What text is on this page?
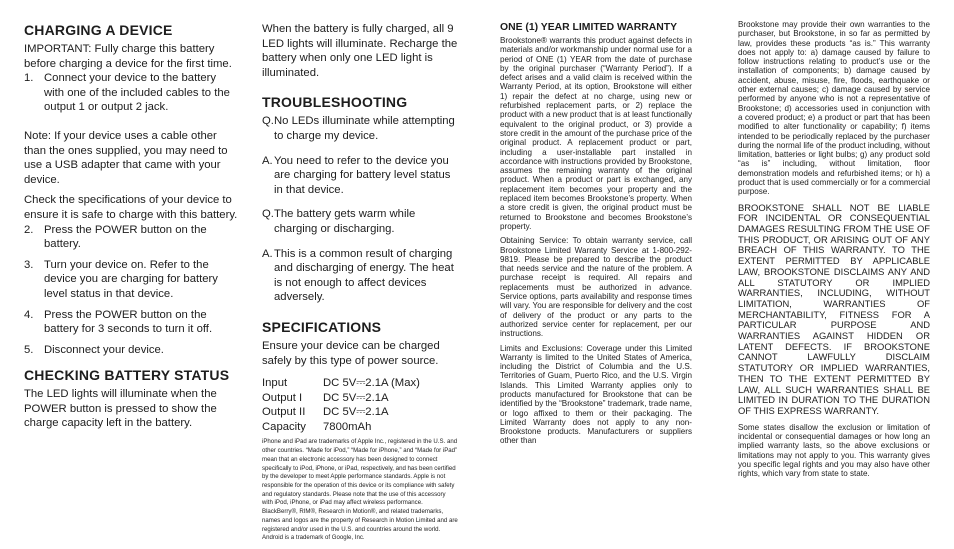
CHARGING A DEVICE

IMPORTANT: Fully charge this battery before charging a device for the first time.

1. Connect your device to the battery with one of the included cables to the output 1 or output 2 jack.

Note: If your device uses a cable other than the ones supplied, you may need to use a USB adapter that came with your device.

Check the specifications of your device to ensure it is safe to charge with this battery.

2. Press the POWER button on the battery.
3. Turn your device on. Refer to the device you are charging for battery level status in that device.
4. Press the POWER button on the battery for 3 seconds to turn it off.
5. Disconnect your device.
CHECKING BATTERY STATUS

The LED lights will illuminate when the POWER button is pressed to show the charge capacity left in the battery.

When the battery is fully charged, all 9 LED lights will illuminate. Recharge the battery when only one LED light is illuminated.

TROUBLESHOOTING
Q. No LEDs illuminate while attempting to charge my device.
A. You need to refer to the device you are charging for battery level status in that device.
Q. The battery gets warm while charging or discharging.
A. This is a common result of charging and discharging of energy. The heat is not enough to affect devices adversely.
SPECIFICATIONS

Ensure your device can be charged safely by this type of power source.

Input	DC 5V⎓2.1A (Max)
Output I	DC 5V⎓2.1A
Output II	DC 5V⎓2.1A
Capacity	7800mAh

iPhone and iPad are trademarks of Apple Inc., registered in the U.S. and other countries. “Made for iPod,” “Made for iPhone,” and “Made for iPad” mean that an electronic accessory has been designed to connect specifically to iPod, iPhone, or iPad, respectively, and has been certified by the developer to meet Apple performance standards. Apple is not responsible for the operation of this device or its compliance with safety and regulatory standards. Please note that the use of this accessory with iPod, iPhone, or iPad may affect wireless performance. BlackBerry®, RIM®, Research in Motion®, and related trademarks, names and logos are the property of Research in Motion Limited and are registered and/or used in the U.S. and countries around the world. Android is a trademark of Google, Inc.

ONE (1) YEAR LIMITED WARRANTY

Brookstone® warrants this product against defects in materials and/or workmanship under normal use for a period of ONE (1) YEAR from the date of purchase by the original purchaser (“Warranty Period”). If a defect arises and a valid claim is received within the Warranty Period, at its option, Brookstone will either 1) repair the defect at no charge, using new or refurbished replacement parts, or 2) replace the product with a new product that is at least functionally equivalent to the original product, or 3) provide a store credit in the amount of the purchase price of the original product. A replacement product or part, including a user-installable part installed in accordance with instructions provided by Brookstone, assumes the remaining warranty of the original product. When a product or part is exchanged, any replacement item becomes your property and the replaced item becomes Brookstone’s property. When a store credit is given, the original product must be returned to Brookstone and becomes Brookstone’s property.

Obtaining Service: To obtain warranty service, call Brookstone Limited Warranty Service at 1-800-292-9819. Please be prepared to describe the product that needs service and the nature of the problem. A purchase receipt is required. All repairs and replacements must be authorized in advance. Service options, parts availability and response times will vary. You are responsible for delivery and the cost of delivery of the product or any parts to the authorized service center for replacement, per our instructions.

Limits and Exclusions: Coverage under this Limited Warranty is limited to the United States of America, including the District of Columbia and the U.S. Territories of Guam, Puerto Rico, and the U.S. Virgin Islands. This Limited Warranty applies only to products manufactured for Brookstone that can be identified by the “Brookstone” trademark, trade name, or logo affixed to them or their packaging. The Limited Warranty does not apply to any non-Brookstone products. Manufacturers or suppliers other than

Brookstone may provide their own warranties to the purchaser, but Brookstone, in so far as permitted by law, provides these products “as is.” This warranty does not apply to: a) damage caused by failure to follow instructions relating to product’s use or the installation of components; b) damage caused by accident, abuse, misuse, fire, floods, earthquake or other external causes; c) damage caused by service performed by anyone who is not a representative of Brookstone; d) accessories used in conjunction with a covered product; e) a product or part that has been modified to alter functionality or capability; f) items intended to be periodically replaced by the purchaser during the normal life of the product including, without limitation, batteries or light bulbs; g) any product sold “as is” including, without limitation, floor demonstration models and refurbished items; or h) a product that is used commercially or for a commercial purpose.

BROOKSTONE SHALL NOT BE LIABLE FOR INCIDENTAL OR CONSEQUENTIAL DAMAGES RESULTING FROM THE USE OF THIS PRODUCT, OR ARISING OUT OF ANY BREACH OF THIS WARRANTY. TO THE EXTENT PERMITTED BY APPLICABLE LAW, BROOKSTONE DISCLAIMS ANY AND ALL STATUTORY OR IMPLIED WARRANTIES, INCLUDING, WITHOUT LIMITATION, WARRANTIES OF MERCHANTABILITY, FITNESS FOR A PARTICULAR PURPOSE AND WARRANTIES AGAINST HIDDEN OR LATENT DEFECTS. IF BROOKSTONE CANNOT LAWFULLY DISCLAIM STATUTORY OR IMPLIED WARRANTIES, THEN TO THE EXTENT PERMITTED BY LAW, ALL SUCH WARRANTIES SHALL BE LIMITED IN DURATION TO THE DURATION OF THIS EXPRESS WARRANTY.

Some states disallow the exclusion or limitation of incidental or consequential damages or how long an implied warranty lasts, so the above exclusions or limitations may not apply to you. This warranty gives you specific legal rights and you may also have other rights, which vary from state to state.
